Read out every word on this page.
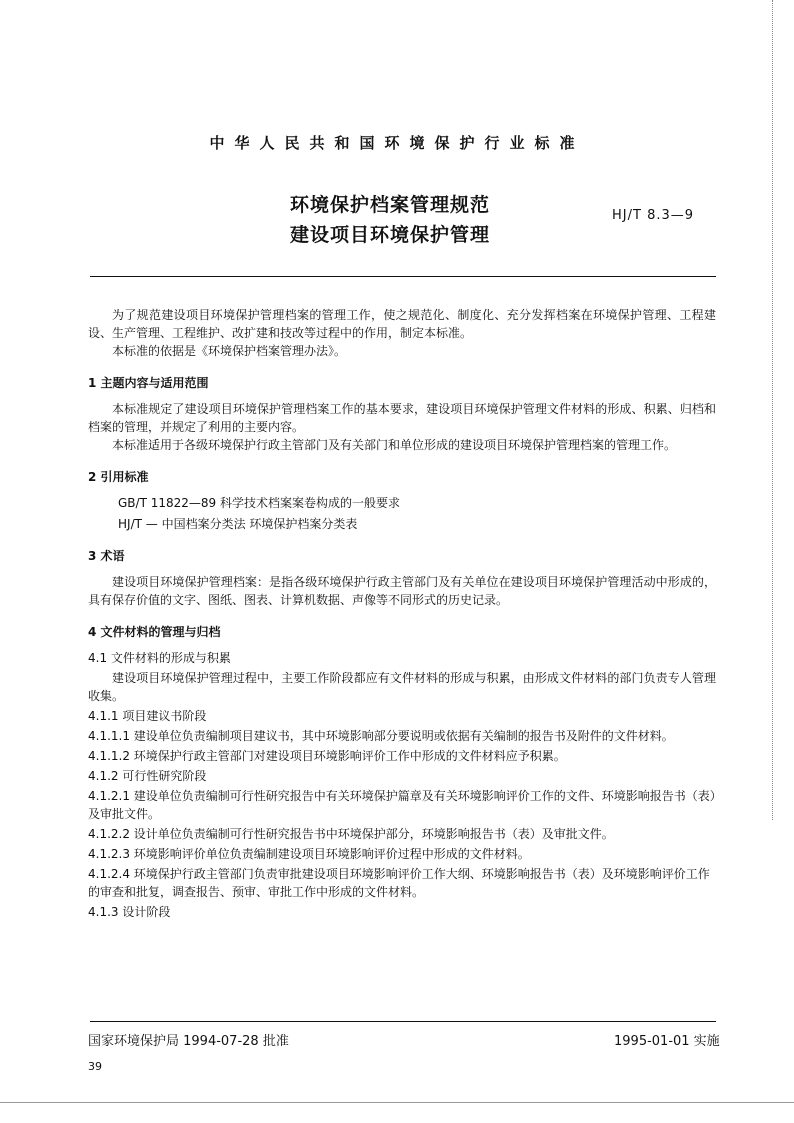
中华人民共和国环境保护行业标准
环境保护档案管理规范
建设项目环境保护管理
HJ/T 8.3—9

为了规范建设项目环境保护管理档案的管理工作，使之规范化、制度化、充分发挥档案在环境保护管理、工程建设、生产管理、工程维护、改扩建和技改等过程中的作用，制定本标准。

本标准的依据是《环境保护档案管理办法》。

1 主题内容与适用范围

本标准规定了建设项目环境保护管理档案工作的基本要求，建设项目环境保护管理文件材料的形成、积累、归档和档案的管理，并规定了利用的主要内容。

本标准适用于各级环境保护行政主管部门及有关部门和单位形成的建设项目环境保护管理档案的管理工作。

2 引用标准
GB/T 11822—89 科学技术档案案卷构成的一般要求
HJ/T — 中国档案分类法 环境保护档案分类表
3 术语

建设项目环境保护管理档案：是指各级环境保护行政主管部门及有关单位在建设项目环境保护管理活动中形成的，具有保存价值的文字、图纸、图表、计算机数据、声像等不同形式的历史记录。

4 文件材料的管理与归档
4.1 文件材料的形成与积累

建设项目环境保护管理过程中，主要工作阶段都应有文件材料的形成与积累，由形成文件材料的部门负责专人管理收集。

4.1.1 项目建议书阶段
4.1.1.1 建设单位负责编制项目建议书，其中环境影响部分要说明或依据有关编制的报告书及附件的文件材料。
4.1.1.2 环境保护行政主管部门对建设项目环境影响评价工作中形成的文件材料应予积累。
4.1.2 可行性研究阶段
4.1.2.1 建设单位负责编制可行性研究报告中有关环境保护篇章及有关环境影响评价工作的文件、环境影响报告书（表）及审批文件。
4.1.2.2 设计单位负责编制可行性研究报告书中环境保护部分，环境影响报告书（表）及审批文件。
4.1.2.3 环境影响评价单位负责编制建设项目环境影响评价过程中形成的文件材料。
4.1.2.4 环境保护行政主管部门负责审批建设项目环境影响评价工作大纲、环境影响报告书（表）及环境影响评价工作的审查和批复，调查报告、预审、审批工作中形成的文件材料。
4.1.3 设计阶段
国家环境保护局 1994-07-28 批准	1995-01-01 实施
39
